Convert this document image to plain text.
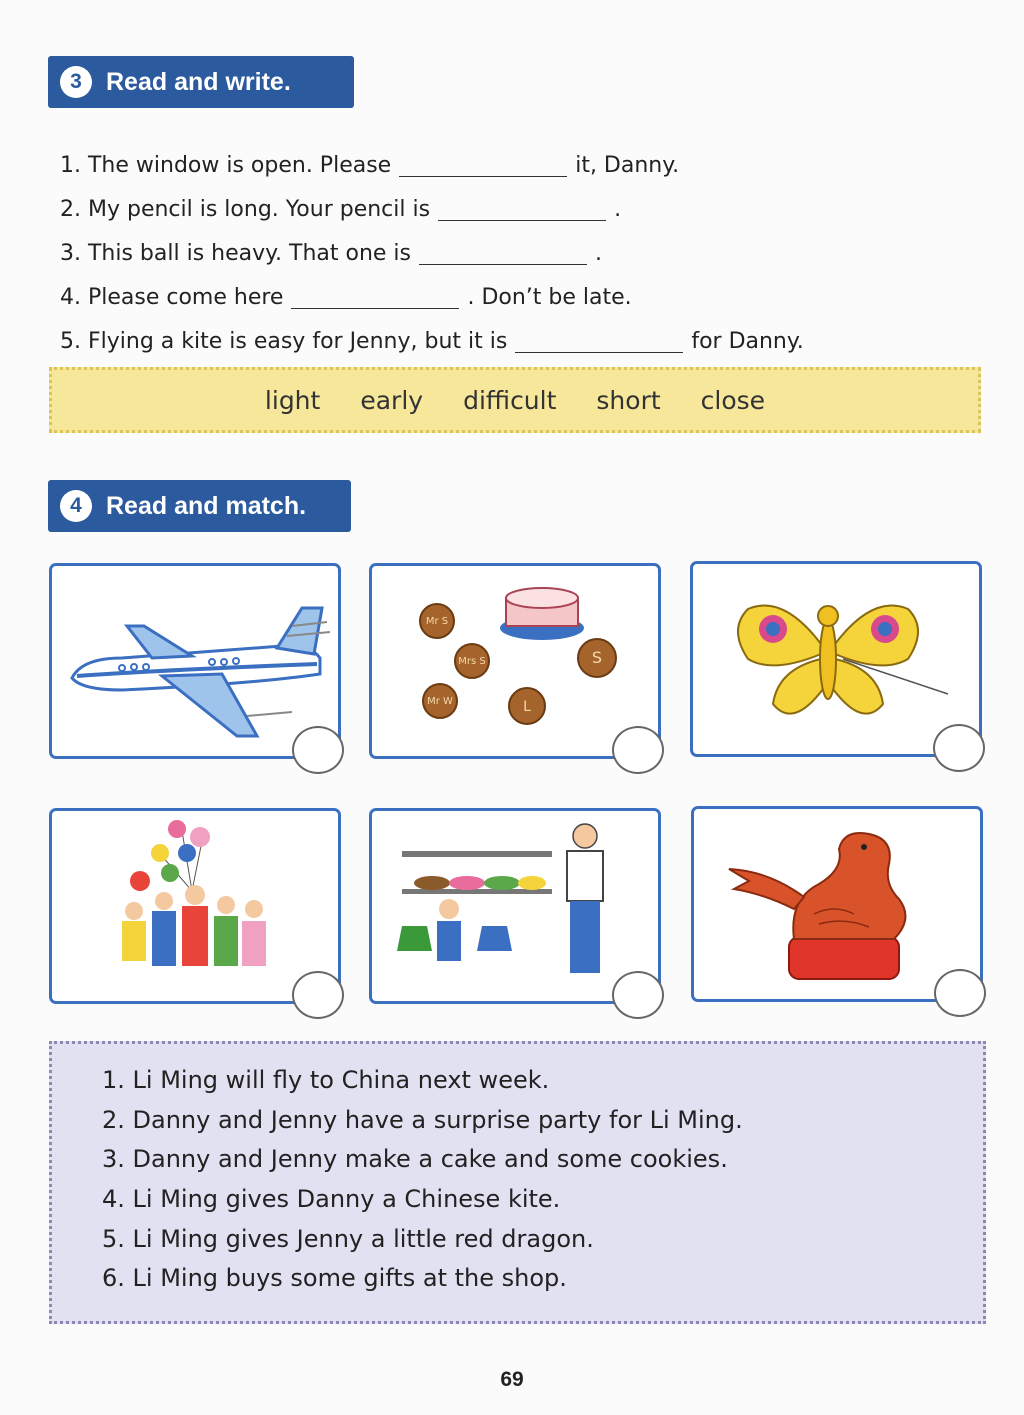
3 Read and write.
1. The window is open. Please	it, Danny.
2. My pencil is long. Your pencil is	.
3. This ball is heavy. That one is	.
4. Please come here	. Don’t be late.
5. Flying a kite is easy for Jenny, but it is	for Danny.
light early difficult short close
4 Read and match.
Mr S
Mrs S	S
Mr W	L
1. Li Ming will fly to China next week.
2. Danny and Jenny have a surprise party for Li Ming.
3. Danny and Jenny make a cake and some cookies.
4. Li Ming gives Danny a Chinese kite.
5. Li Ming gives Jenny a little red dragon.
6. Li Ming buys some gifts at the shop.
69
